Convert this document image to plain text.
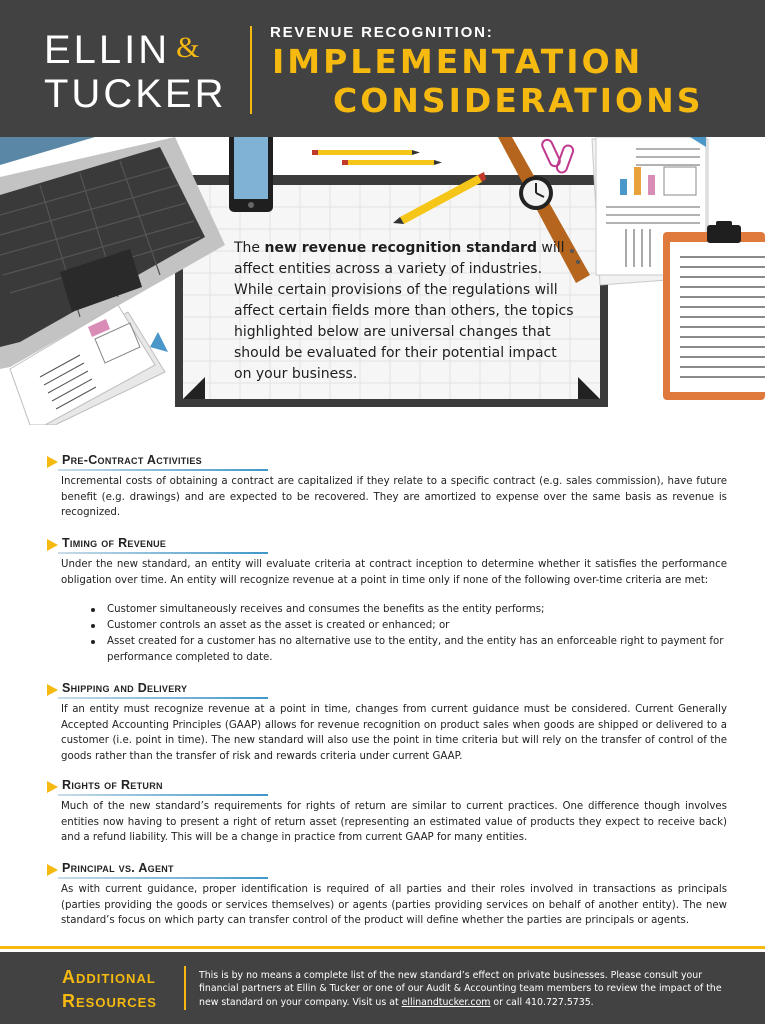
ELLIN &
TUCKER
REVENUE RECOGNITION:
IMPLEMENTATION
CONSIDERATIONS
The new revenue recognition standard will affect entities across a variety of industries. While certain provisions of the regulations will affect certain fields more than others, the topics highlighted below are universal changes that should be evaluated for their potential impact on your business.
Pre-Contract Activities
Incremental costs of obtaining a contract are capitalized if they relate to a specific contract (e.g. sales commission), have future benefit (e.g. drawings) and are expected to be recovered. They are amortized to expense over the same basis as revenue is recognized.
Timing of Revenue
Under the new standard, an entity will evaluate criteria at contract inception to determine whether it satisfies the performance obligation over time. An entity will recognize revenue at a point in time only if none of the following over-time criteria are met:
Customer simultaneously receives and consumes the benefits as the entity performs;
Customer controls an asset as the asset is created or enhanced; or
Asset created for a customer has no alternative use to the entity, and the entity has an enforceable right to payment for performance completed to date.
Shipping and Delivery
If an entity must recognize revenue at a point in time, changes from current guidance must be considered. Current Generally Accepted Accounting Principles (GAAP) allows for revenue recognition on product sales when goods are shipped or delivered to a customer (i.e. point in time). The new standard will also use the point in time criteria but will rely on the transfer of control of the goods rather than the transfer of risk and rewards criteria under current GAAP.
Rights of Return
Much of the new standard’s requirements for rights of return are similar to current practices. One difference though involves entities now having to present a right of return asset (representing an estimated value of products they expect to receive back) and a refund liability. This will be a change in practice from current GAAP for many entities.
Principal vs. Agent
As with current guidance, proper identification is required of all parties and their roles involved in transactions as principals (parties providing the goods or services themselves) or agents (parties providing services on behalf of another entity). The new standard’s focus on which party can transfer control of the product will define whether the parties are principals or agents.
Additional
Resources
This is by no means a complete list of the new standard’s effect on private businesses. Please consult your financial partners at Ellin & Tucker or one of our Audit & Accounting team members to review the impact of the new standard on your company. Visit us at ellinandtucker.com or call 410.727.5735.
